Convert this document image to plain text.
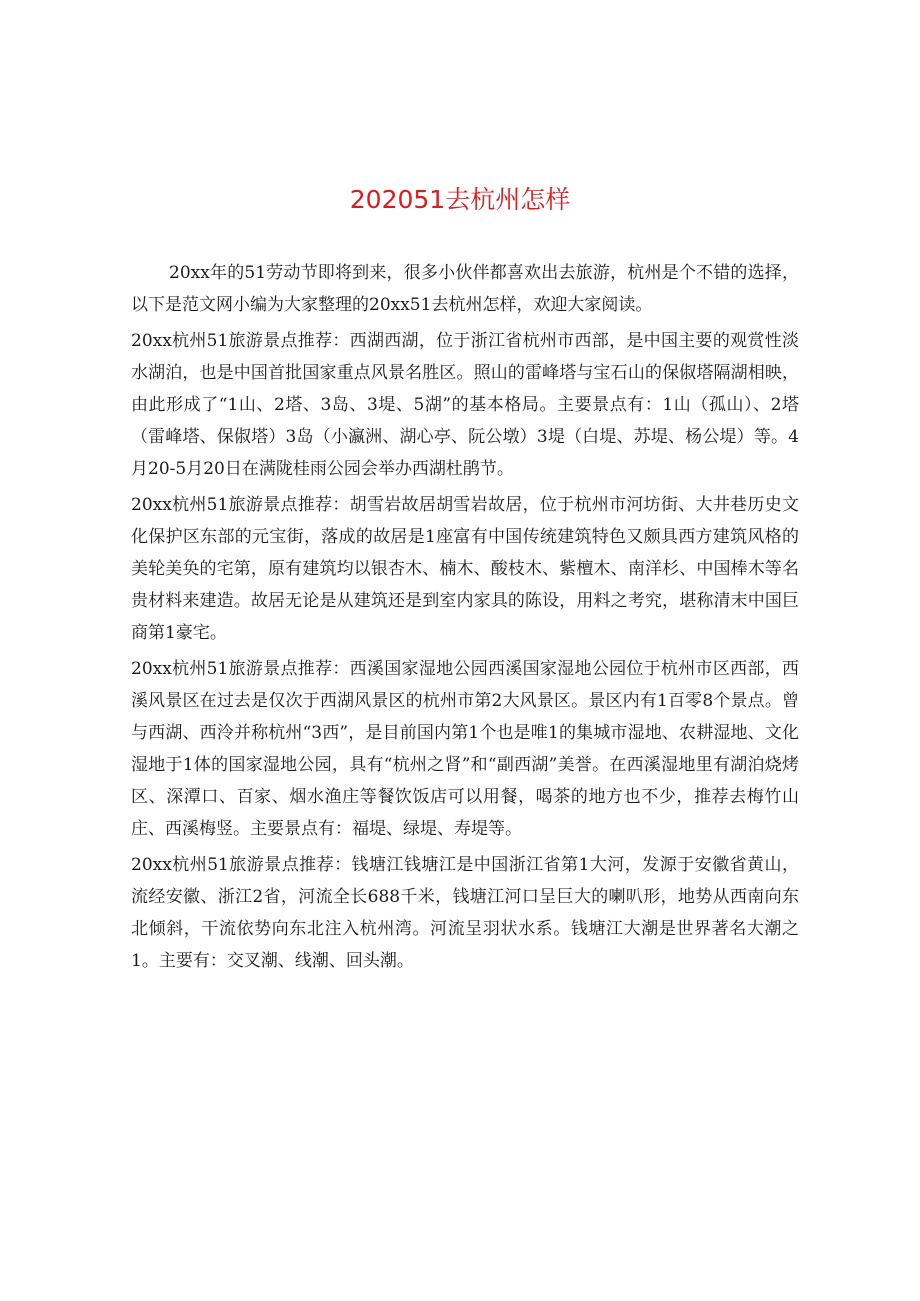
202051去杭州怎样

20xx年的51劳动节即将到来，很多小伙伴都喜欢出去旅游，杭州是个不错的选择，以下是范文网小编为大家整理的20xx51去杭州怎样，欢迎大家阅读。

20xx杭州51旅游景点推荐：西湖西湖，位于浙江省杭州市西部，是中国主要的观赏性淡水湖泊，也是中国首批国家重点风景名胜区。照山的雷峰塔与宝石山的保俶塔隔湖相映，由此形成了“1山、2塔、3岛、3堤、5湖”的基本格局。主要景点有：1山（孤山）、2塔（雷峰塔、保俶塔）3岛（小瀛洲、湖心亭、阮公墩）3堤（白堤、苏堤、杨公堤）等。4月20-5月20日在满陇桂雨公园会举办西湖杜鹃节。

20xx杭州51旅游景点推荐：胡雪岩故居胡雪岩故居，位于杭州市河坊街、大井巷历史文化保护区东部的元宝街，落成的故居是1座富有中国传统建筑特色又颇具西方建筑风格的美轮美奂的宅第，原有建筑均以银杏木、楠木、酸枝木、紫檀木、南洋杉、中国棒木等名贵材料来建造。故居无论是从建筑还是到室内家具的陈设，用料之考究，堪称清末中国巨商第1豪宅。

20xx杭州51旅游景点推荐：西溪国家湿地公园西溪国家湿地公园位于杭州市区西部，西溪风景区在过去是仅次于西湖风景区的杭州市第2大风景区。景区内有1百零8个景点。曾与西湖、西泠并称杭州“3西”，是目前国内第1个也是唯1的集城市湿地、农耕湿地、文化湿地于1体的国家湿地公园，具有“杭州之肾”和“副西湖”美誉。在西溪湿地里有湖泊烧烤区、深潭口、百家、烟水渔庄等餐饮饭店可以用餐，喝茶的地方也不少，推荐去梅竹山庄、西溪梅竖。主要景点有：福堤、绿堤、寿堤等。

20xx杭州51旅游景点推荐：钱塘江钱塘江是中国浙江省第1大河，发源于安徽省黄山，流经安徽、浙江2省，河流全长688千米，钱塘江河口呈巨大的喇叭形，地势从西南向东北倾斜，干流依势向东北注入杭州湾。河流呈羽状水系。钱塘江大潮是世界著名大潮之1。主要有：交叉潮、线潮、回头潮。
